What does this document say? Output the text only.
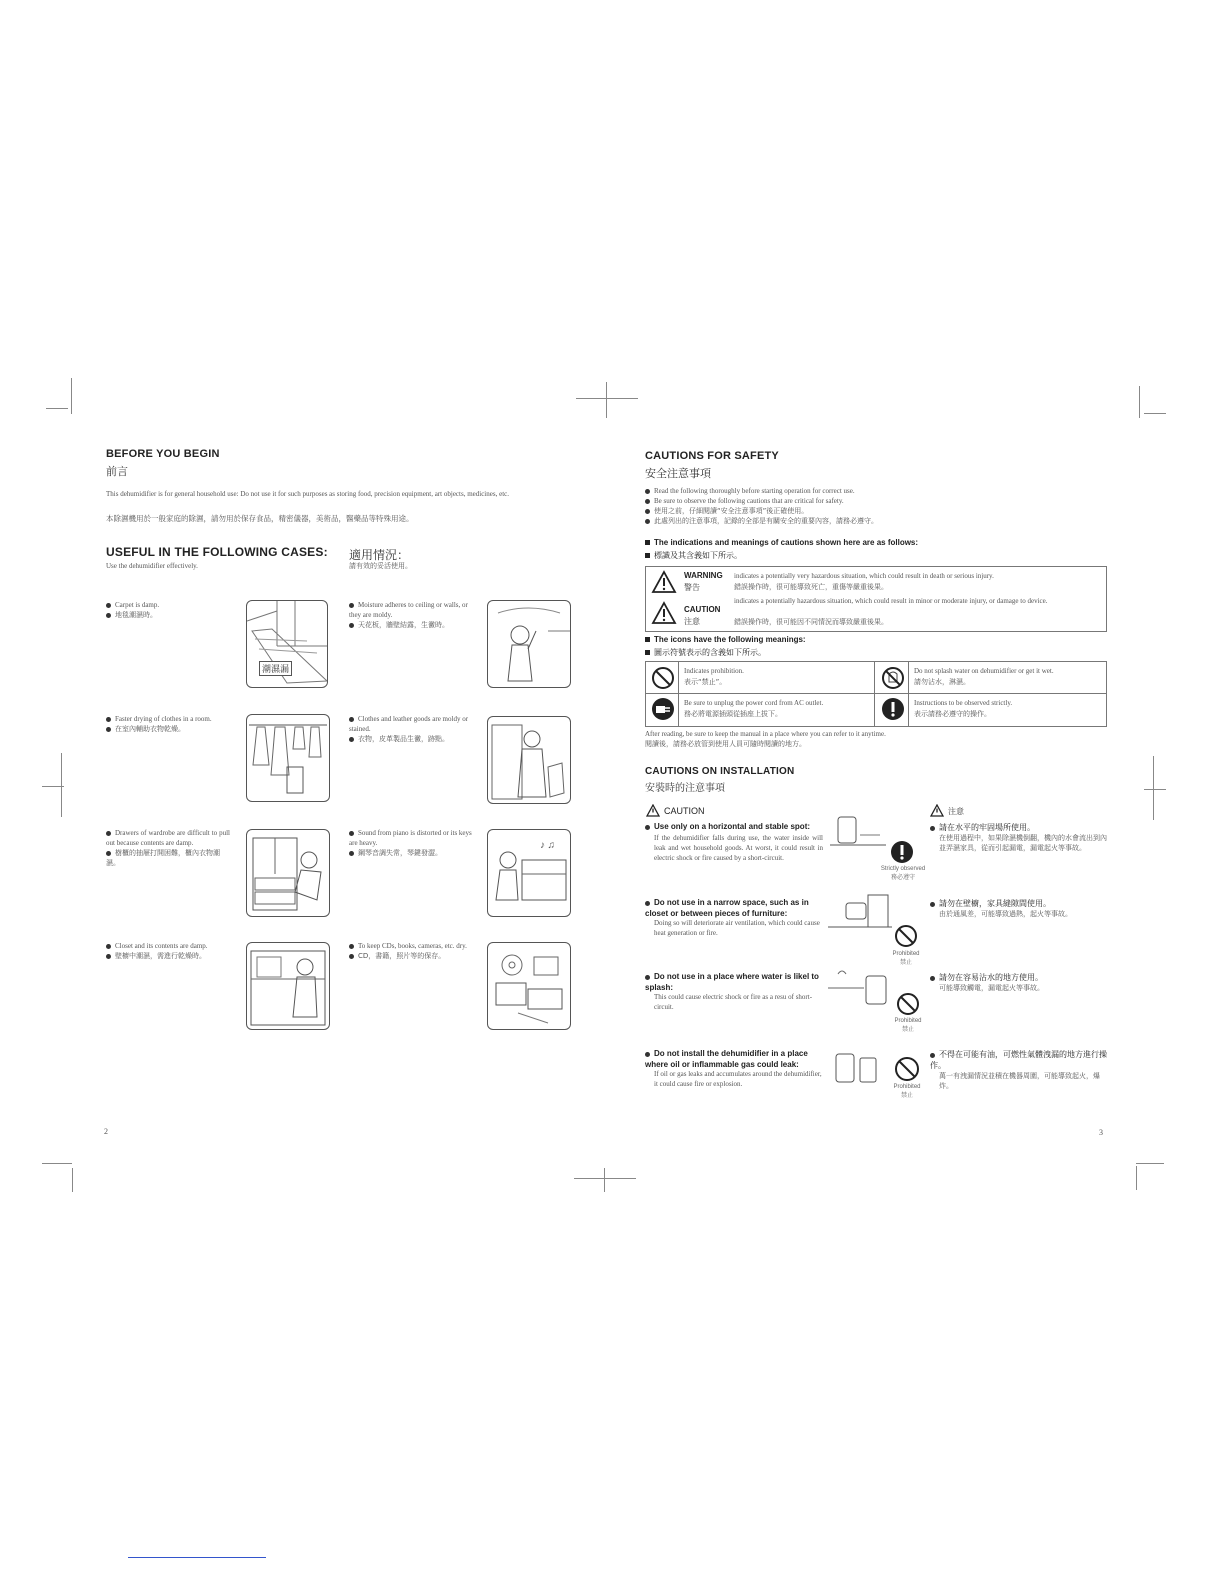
BEFORE YOU BEGIN
前言
This dehumidifier is for general household use: Do not use it for such purposes as storing food, precision equipment, art objects, medicines, etc.
本除濕機用於一般家庭的除濕，請勿用於保存食品，精密儀器，美術品，醫藥品等特殊用途。
USEFUL IN THE FOLLOWING CASES:
Use the dehumidifier effectively.
適用情況：
請有效的妥活使用。
Carpet is damp.
地毯潮濕時。
潮濕漏
Moisture adheres to ceiling or walls, or they are moldy.
天花板，牆壁結露，生黴時。
Faster drying of clothes in a room.
在室內輔助衣物乾燥。
Clothes and leather goods are moldy or stained.
衣物，皮革製品生黴，跡點。
Drawers of wardrobe are difficult to pull out because contents are damp.
樹櫃的抽屜打開困難，櫃內衣物潮濕。
Sound from piano is distorted or its keys are heavy.
鋼琴音調失常，琴鍵發澀。
♪ ♫
Closet and its contents are damp.
壁櫥中潮濕，需進行乾燥時。
To keep CDs, books, cameras, etc. dry.
CD，書籍，照片等的保存。
2
CAUTIONS FOR SAFETY
安全注意事項
Read the following thoroughly before starting operation for correct use.
Be sure to observe the following cautions that are critical for safety.
使用之前，仔細閱讀“安全注意事項”後正確使用。
此處列出的注意事項，記錄的全部是有關安全的重要內容，請務必遵守。
The indications and meanings of cautions shown here are as follows:
標識及其含義如下所示。
WARNING
警告
indicates a potentially very hazardous situation, which could result in death or serious injury.
錯誤操作時，很可能導致死亡，重傷等嚴重後果。
CAUTION
注意
indicates a potentially hazardous situation, which could result in minor or moderate injury, or damage to device.
錯誤操作時，很可能因不同情況而導致嚴重後果。
The icons have the following meanings:
圖示符號表示的含義如下所示。
Indicates prohibition.
表示“禁止”。
Do not splash water on dehumidifier or get it wet.
請勿沾水，淋濕。
Be sure to unplug the power cord from AC outlet.
務必將電源插頭從插座上拔下。
Instructions to be observed strictly.
表示請務必遵守的操作。
After reading, be sure to keep the manual in a place where you can refer to it anytime.
閱讀後，請務必放管到使用人員可隨時閱讀的地方。
CAUTIONS ON INSTALLATION
安裝時的注意事項
CAUTION	注意
Use only on a horizontal and stable spot:
If the dehumidifier falls during use, the water inside will leak and wet household goods. At worst, it could result in electric shock or fire caused by a short-circuit.
Strictly observed
務必遵守
請在水平的牢固場所使用。
在使用過程中，如果除濕機倒翻，機內的水會流出到內並弄濕家具，從而引起漏電，漏電起火等事故。
Do not use in a narrow space, such as in closet or between pieces of furniture:
Doing so will deteriorate air ventilation, which could cause heat generation or fire.
Prohibited
禁止
請勿在壁櫥，家具縫隙間使用。
由於通風差，可能導致過熱，起火等事故。
Do not use in a place where water is likel to splash:
This could cause electric shock or fire as a resu of short-circuit.
Prohibited
禁止
請勿在容易沾水的地方使用。
可能導致觸電，漏電起火等事故。
Do not install the dehumidifier in a place where oil or inflammable gas could leak:
If oil or gas leaks and accumulates around the dehumidifier, it could cause fire or explosion.	Prohibited
禁止
不得在可能有油，可燃性氣體洩漏的地方進行操作。
萬一有洩漏情況並積在機器周圍，可能導致起火，爆炸。
3
